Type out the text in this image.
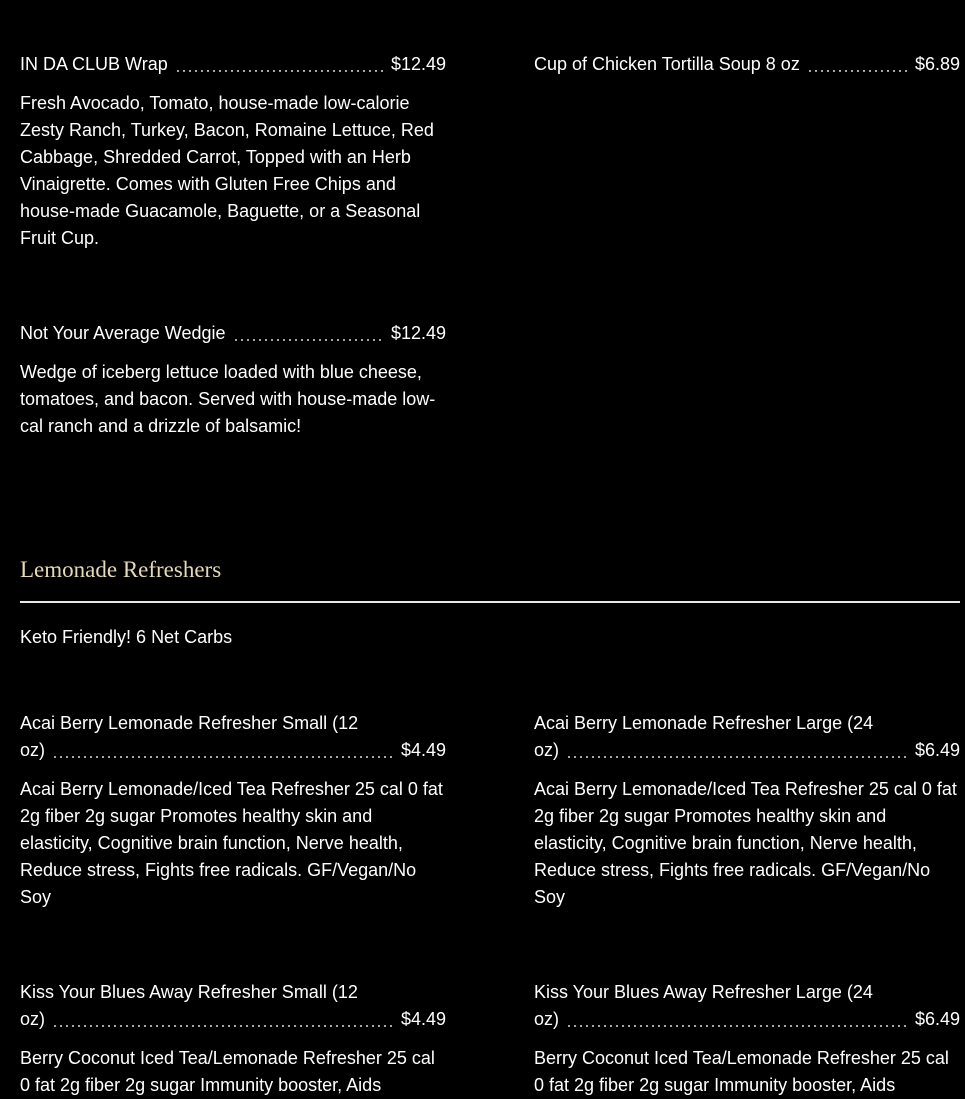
IN DA CLUB Wrap	$12.49
Fresh Avocado, Tomato, house-made low-calorie Zesty Ranch, Turkey, Bacon, Romaine Lettuce, Red Cabbage, Shredded Carrot, Topped with an Herb Vinaigrette. Comes with Gluten Free Chips and house-made Guacamole, Baguette, or a Seasonal Fruit Cup.
Cup of Chicken Tortilla Soup 8 oz	$6.89
Not Your Average Wedgie	$12.49
Wedge of iceberg lettuce loaded with blue cheese, tomatoes, and bacon. Served with house-made low-cal ranch and a drizzle of balsamic!
Lemonade Refreshers
Keto Friendly! 6 Net Carbs
Acai Berry Lemonade Refresher Small (12
oz)	$4.49
Acai Berry Lemonade/Iced Tea Refresher 25 cal 0 fat 2g fiber 2g sugar Promotes healthy skin and elasticity, Cognitive brain function, Nerve health, Reduce stress, Fights free radicals. GF/Vegan/No Soy
Acai Berry Lemonade Refresher Large (24
oz)	$6.49
Acai Berry Lemonade/Iced Tea Refresher 25 cal 0 fat 2g fiber 2g sugar Promotes healthy skin and elasticity, Cognitive brain function, Nerve health, Reduce stress, Fights free radicals. GF/Vegan/No Soy
Kiss Your Blues Away Refresher Small (12
oz)	$4.49
Berry Coconut Iced Tea/Lemonade Refresher 25 cal 0 fat 2g fiber 2g sugar Immunity booster, Aids
Kiss Your Blues Away Refresher Large (24
oz)	$6.49
Berry Coconut Iced Tea/Lemonade Refresher 25 cal 0 fat 2g fiber 2g sugar Immunity booster, Aids
